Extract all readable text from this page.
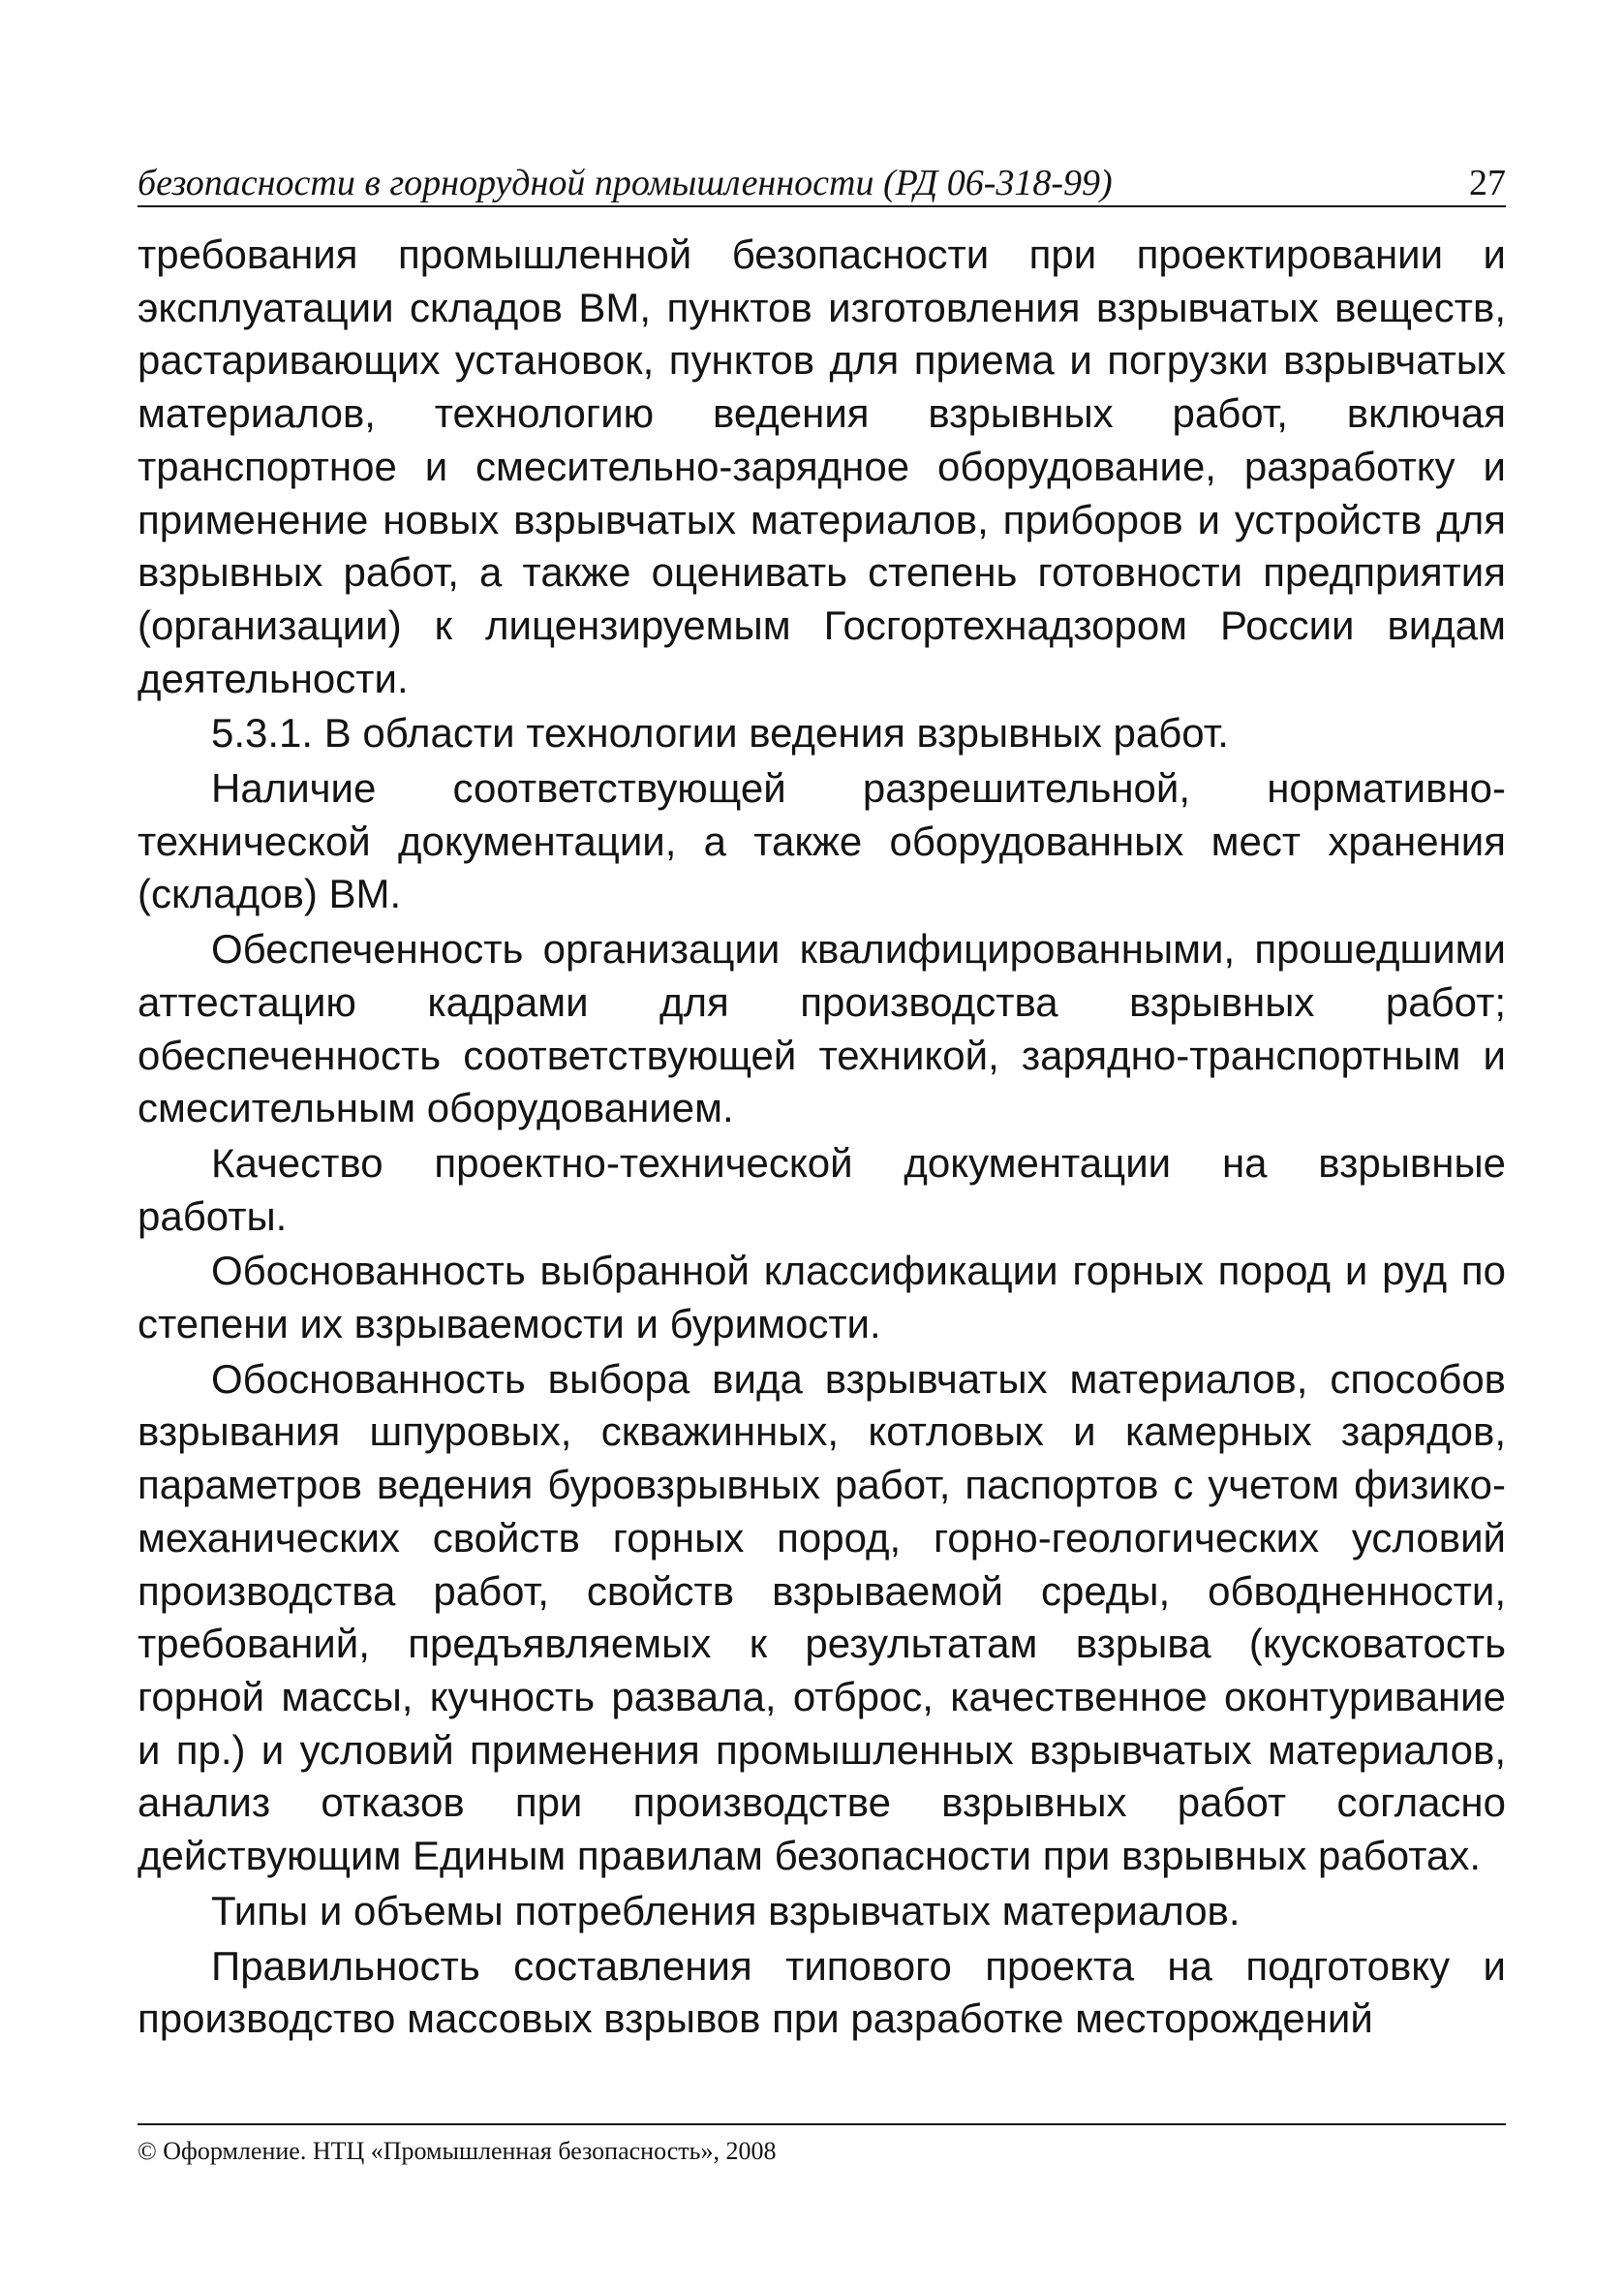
безопасности в горнорудной промышленности (РД 06-318-99)	27

требования промышленной безопасности при проектировании и эксплуатации складов ВМ, пунктов изготовления взрывчатых веществ, растаривающих установок, пунктов для приема и погрузки взрывчатых материалов, технологию ведения взрывных работ, включая транспортное и смесительно-зарядное оборудование, разработку и применение новых взрывчатых материалов, приборов и устройств для взрывных работ, а также оценивать степень готовности предприятия (организации) к лицензируемым Госгортехнадзором России видам деятельности.

5.3.1. В области технологии ведения взрывных работ.

Наличие соответствующей разрешительной, нормативно-технической документации, а также оборудованных мест хранения (складов) ВМ.

Обеспеченность организации квалифицированными, прошедшими аттестацию кадрами для производства взрывных работ; обеспеченность соответствующей техникой, зарядно-транспортным и смесительным оборудованием.

Качество проектно-технической документации на взрывные работы.

Обоснованность выбранной классификации горных пород и руд по степени их взрываемости и буримости.

Обоснованность выбора вида взрывчатых материалов, способов взрывания шпуровых, скважинных, котловых и камерных зарядов, параметров ведения буровзрывных работ, паспортов с учетом физико-механических свойств горных пород, горно-геологических условий производства работ, свойств взрываемой среды, обводненности, требований, предъявляемых к результатам взрыва (кусковатость горной массы, кучность развала, отброс, качественное оконтуривание и пр.) и условий применения промышленных взрывчатых материалов, анализ отказов при производстве взрывных работ согласно действующим Единым правилам безопасности при взрывных работах.

Типы и объемы потребления взрывчатых материалов.

Правильность составления типового проекта на подготовку и производство массовых взрывов при разработке месторождений

© Оформление. НТЦ «Промышленная безопасность», 2008
